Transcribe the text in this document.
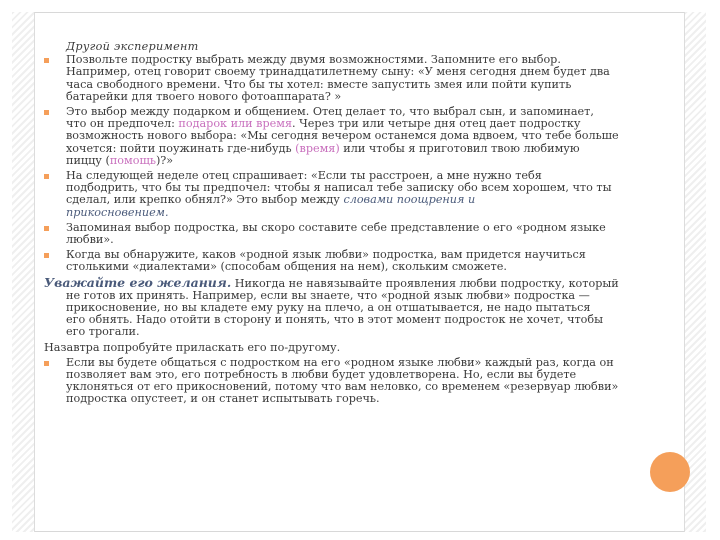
Другой эксперимент
Позвольте подростку выбрать между двумя возможностями. Запомните его выбор.
Например, отец говорит своему тринадцатилетнему сыну: «У меня сегодня днем будет два
часа свободного времени. Что бы ты хотел: вместе запустить змея или пойти купить
батарейки для твоего нового фотоаппарата? »
Это выбор между подарком и общением. Отец делает то, что выбрал сын, и запоминает,
что он предпочел: подарок или время. Через три или четыре дня отец дает подростку
возможность нового выбора: «Мы сегодня вечером останемся дома вдвоем, что тебе больше
хочется: пойти поужинать где-нибудь (время) или чтобы я приготовил твою любимую
пиццу (помощь)?»
На следующей неделе отец спрашивает: «Если ты расстроен, а мне нужно тебя
подбодрить, что бы ты предпочел: чтобы я написал тебе записку обо всем хорошем, что ты
сделал, или крепко обнял?» Это выбор между словами поощрения и
прикосновением.
Запоминая выбор подростка, вы скоро составите себе представление о его «родном языке
любви».
Когда вы обнаружите, каков «родной язык любви» подростка, вам придется научиться
столькими «диалектами» (способам общения на нем), скольким сможете.
Уважайте его желания. Никогда не навязывайте проявления любви подростку, который
не готов их принять. Например, если вы знаете, что «родной язык любви» подростка —
прикосновение, но вы кладете ему руку на плечо, а он отшатывается, не надо пытаться
его обнять. Надо отойти в сторону и понять, что в этот момент подросток не хочет, чтобы
его трогали.
Назавтра попробуйте приласкать его по-другому.
Если вы будете общаться с подростком на его «родном языке любви» каждый раз, когда он
позволяет вам это, его потребность в любви будет удовлетворена. Но, если вы будете
уклоняться от его прикосновений, потому что вам неловко, со временем «резервуар любви»
подростка опустеет, и он станет испытывать горечь.
